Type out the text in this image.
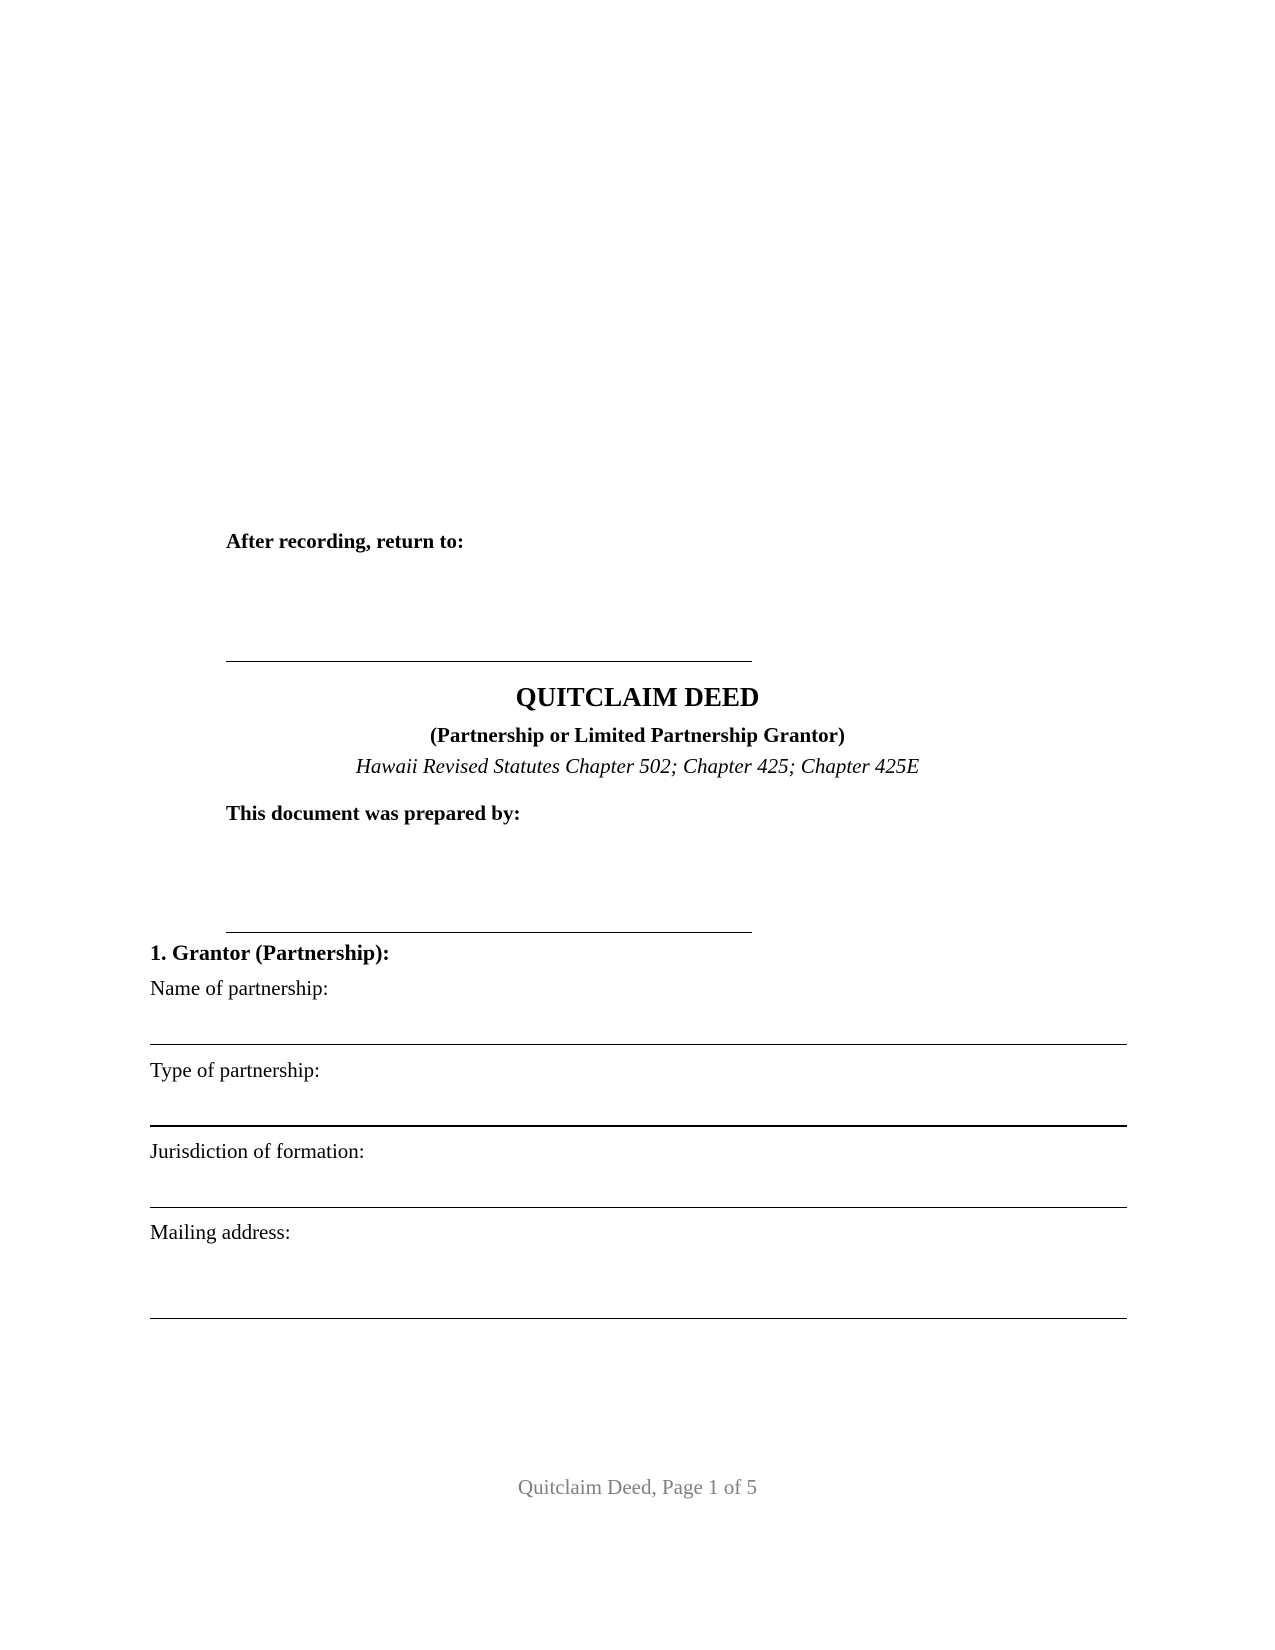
After recording, return to:

QUITCLAIM DEED

(Partnership or Limited Partnership Grantor)

Hawaii Revised Statutes Chapter 502; Chapter 425; Chapter 425E

This document was prepared by:

1. Grantor (Partnership):

Name of partnership:

Type of partnership:

Jurisdiction of formation:

Mailing address:

Quitclaim Deed, Page 1 of 5
